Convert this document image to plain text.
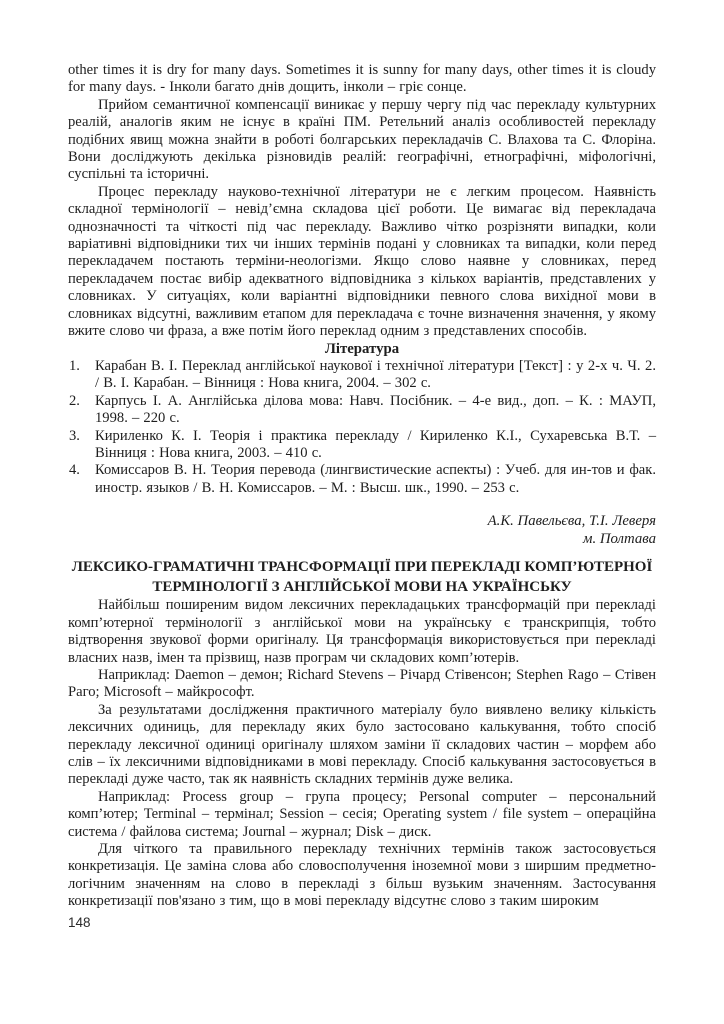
other times it is dry for many days. Sometimes it is sunny for many days, other times it is cloudy for many days. - Інколи багато днів дощить, інколи – гріє сонце.

Прийом семантичної компенсації виникає у першу чергу під час перекладу культурних реалій, аналогів яким не існує в країні ПМ. Ретельний аналіз особливостей перекладу подібних явищ можна знайти в роботі болгарських перекладачів С. Влахова та С. Флоріна. Вони досліджують декілька різновидів реалій: географічні, етнографічні, міфологічні, суспільні та історичні.

Процес перекладу науково-технічної літератури не є легким процесом. Наявність складної термінології – невід’ємна складова цієї роботи. Це вимагає від перекладача однозначності та чіткості під час перекладу. Важливо чітко розрізняти випадки, коли варіативні відповідники тих чи інших термінів подані у словниках та випадки, коли перед перекладачем постають терміни-неологізми. Якщо слово наявне у словниках, перед перекладачем постає вибір адекватного відповідника з кількох варіантів, представлених у словниках. У ситуаціях, коли варіантні відповідники певного слова вихідної мови в словниках відсутні, важливим етапом для перекладача є точне визначення значення, у якому вжите слово чи фраза, а вже потім його переклад одним з представлених способів.

Література
1.	Карабан В. І. Переклад англійської наукової і технічної літератури [Текст] : у 2-х ч. Ч. 2. / В. І. Карабан. – Вінниця : Нова книга, 2004. – 302 с.
2.	Карпусь І. А. Англійська ділова мова: Навч. Посібник. – 4-е вид., доп. – К. : МАУП, 1998. – 220 с.
3.	Кириленко К. І. Теорія і практика перекладу / Кириленко К.І., Сухаревська В.Т. – Вінниця : Нова книга, 2003. – 410 с.
4.	Комиссаров В. Н. Теория перевода (лингвистические аспекты) : Учеб. для ин-тов и фак. иностр. языков / В. Н. Комиссаров. – М. : Высш. шк., 1990. – 253 с.
А.К. Павельєва, Т.І. Леверя
м. Полтава
ЛЕКСИКО-ГРАМАТИЧНІ ТРАНСФОРМАЦІЇ ПРИ ПЕРЕКЛАДІ КОМП’ЮТЕРНОЇ ТЕРМІНОЛОГІЇ З АНГЛІЙСЬКОЇ МОВИ НА УКРАЇНСЬКУ

Найбільш поширеним видом лексичних перекладацьких трансформацій при перекладі комп’ютерної термінології з англійської мови на українську є транскрипція, тобто відтворення звукової форми оригіналу. Ця трансформація використовується при перекладі власних назв, імен та прізвищ, назв програм чи складових комп’ютерів.

Наприклад: Daemon – демон; Richard Stevens – Річард Стівенсон; Stephen Rago – Стівен Раго; Microsoft – майкрософт.

За результатами дослідження практичного матеріалу було виявлено велику кількість лексичних одиниць, для перекладу яких було застосовано калькування, тобто спосіб перекладу лексичної одиниці оригіналу шляхом заміни її складових частин – морфем або слів – їх лексичними відповідниками в мові перекладу. Спосіб калькування застосовується в перекладі дуже часто, так як наявність складних термінів дуже велика.

Наприклад: Process group – група процесу; Personal computer – персональний комп’ютер; Terminal – термінал; Session – сесія; Operating system / file system – операційна система / файлова система; Journal – журнал; Disk – диск.

Для чіткого та правильного перекладу технічних термінів також застосовується конкретизація. Це заміна слова або словосполучення іноземної мови з ширшим предметно-логічним значенням на слово в перекладі з більш вузьким значенням. Застосування конкретизації пов'язано з тим, що в мові перекладу відсутнє слово з таким широким

148
